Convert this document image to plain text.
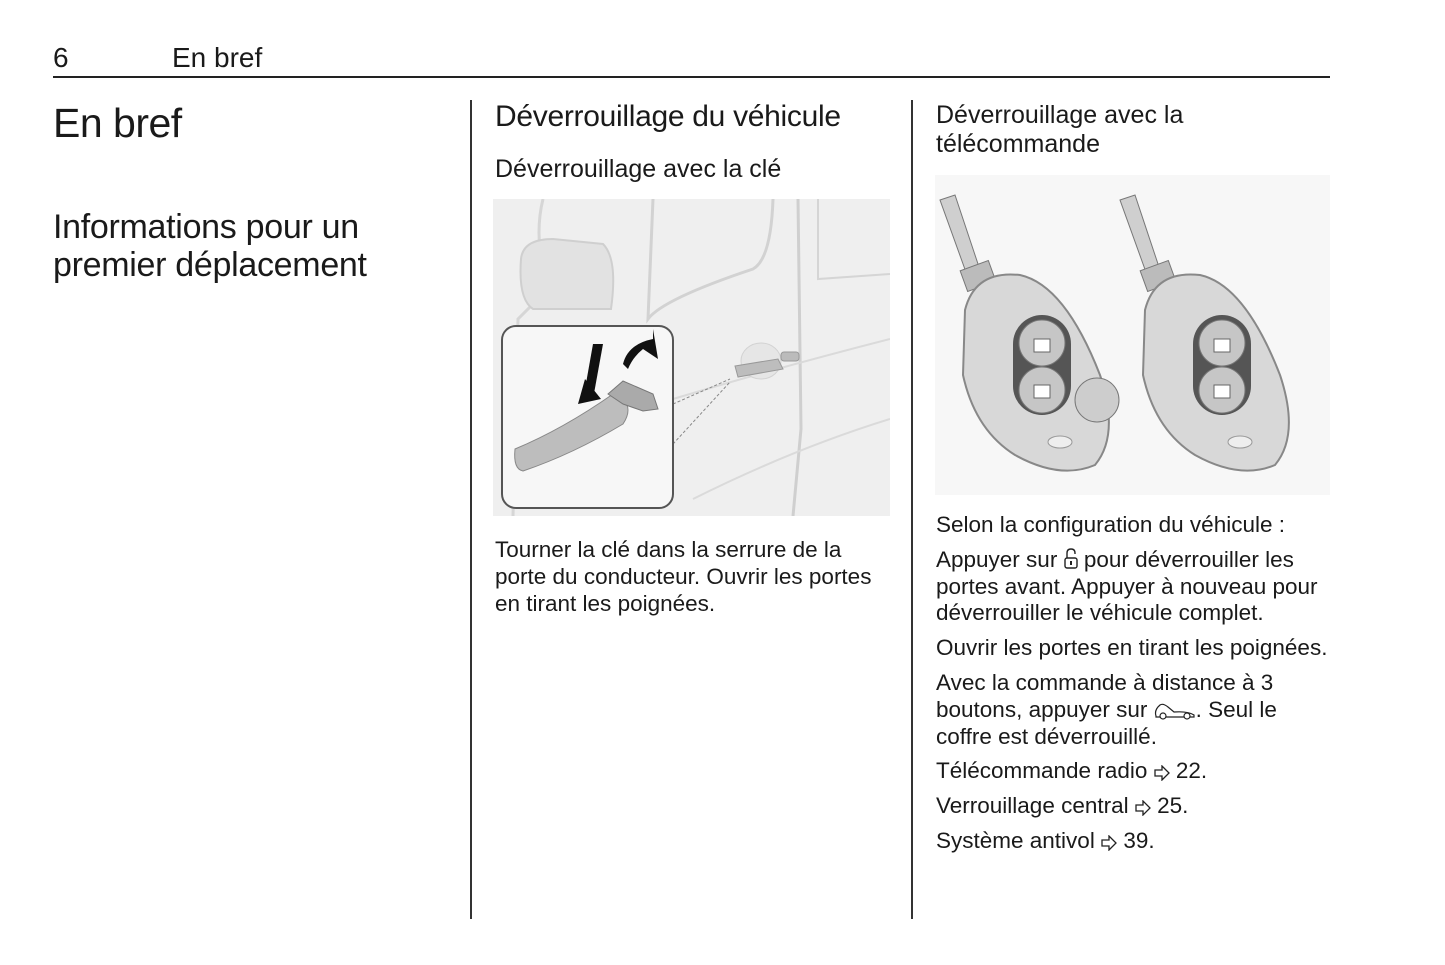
6	En bref
En bref
Informations pour un premier déplacement
Déverrouillage du véhicule
Déverrouillage avec la clé

Tourner la clé dans la serrure de la porte du conducteur. Ouvrir les portes en tirant les poignées.

Déverrouillage avec la télécommande

Selon la configuration du véhicule :

Appuyer sur
pour déverrouiller les portes avant. Appuyer à nouveau pour déverrouiller le véhicule complet.

Ouvrir les portes en tirant les poignées.

Avec la commande à distance à 3 boutons, appuyer sur
. Seul le coffre est déverrouillé.

Télécommande radio 22.

Verrouillage central 25.

Système antivol 39.
